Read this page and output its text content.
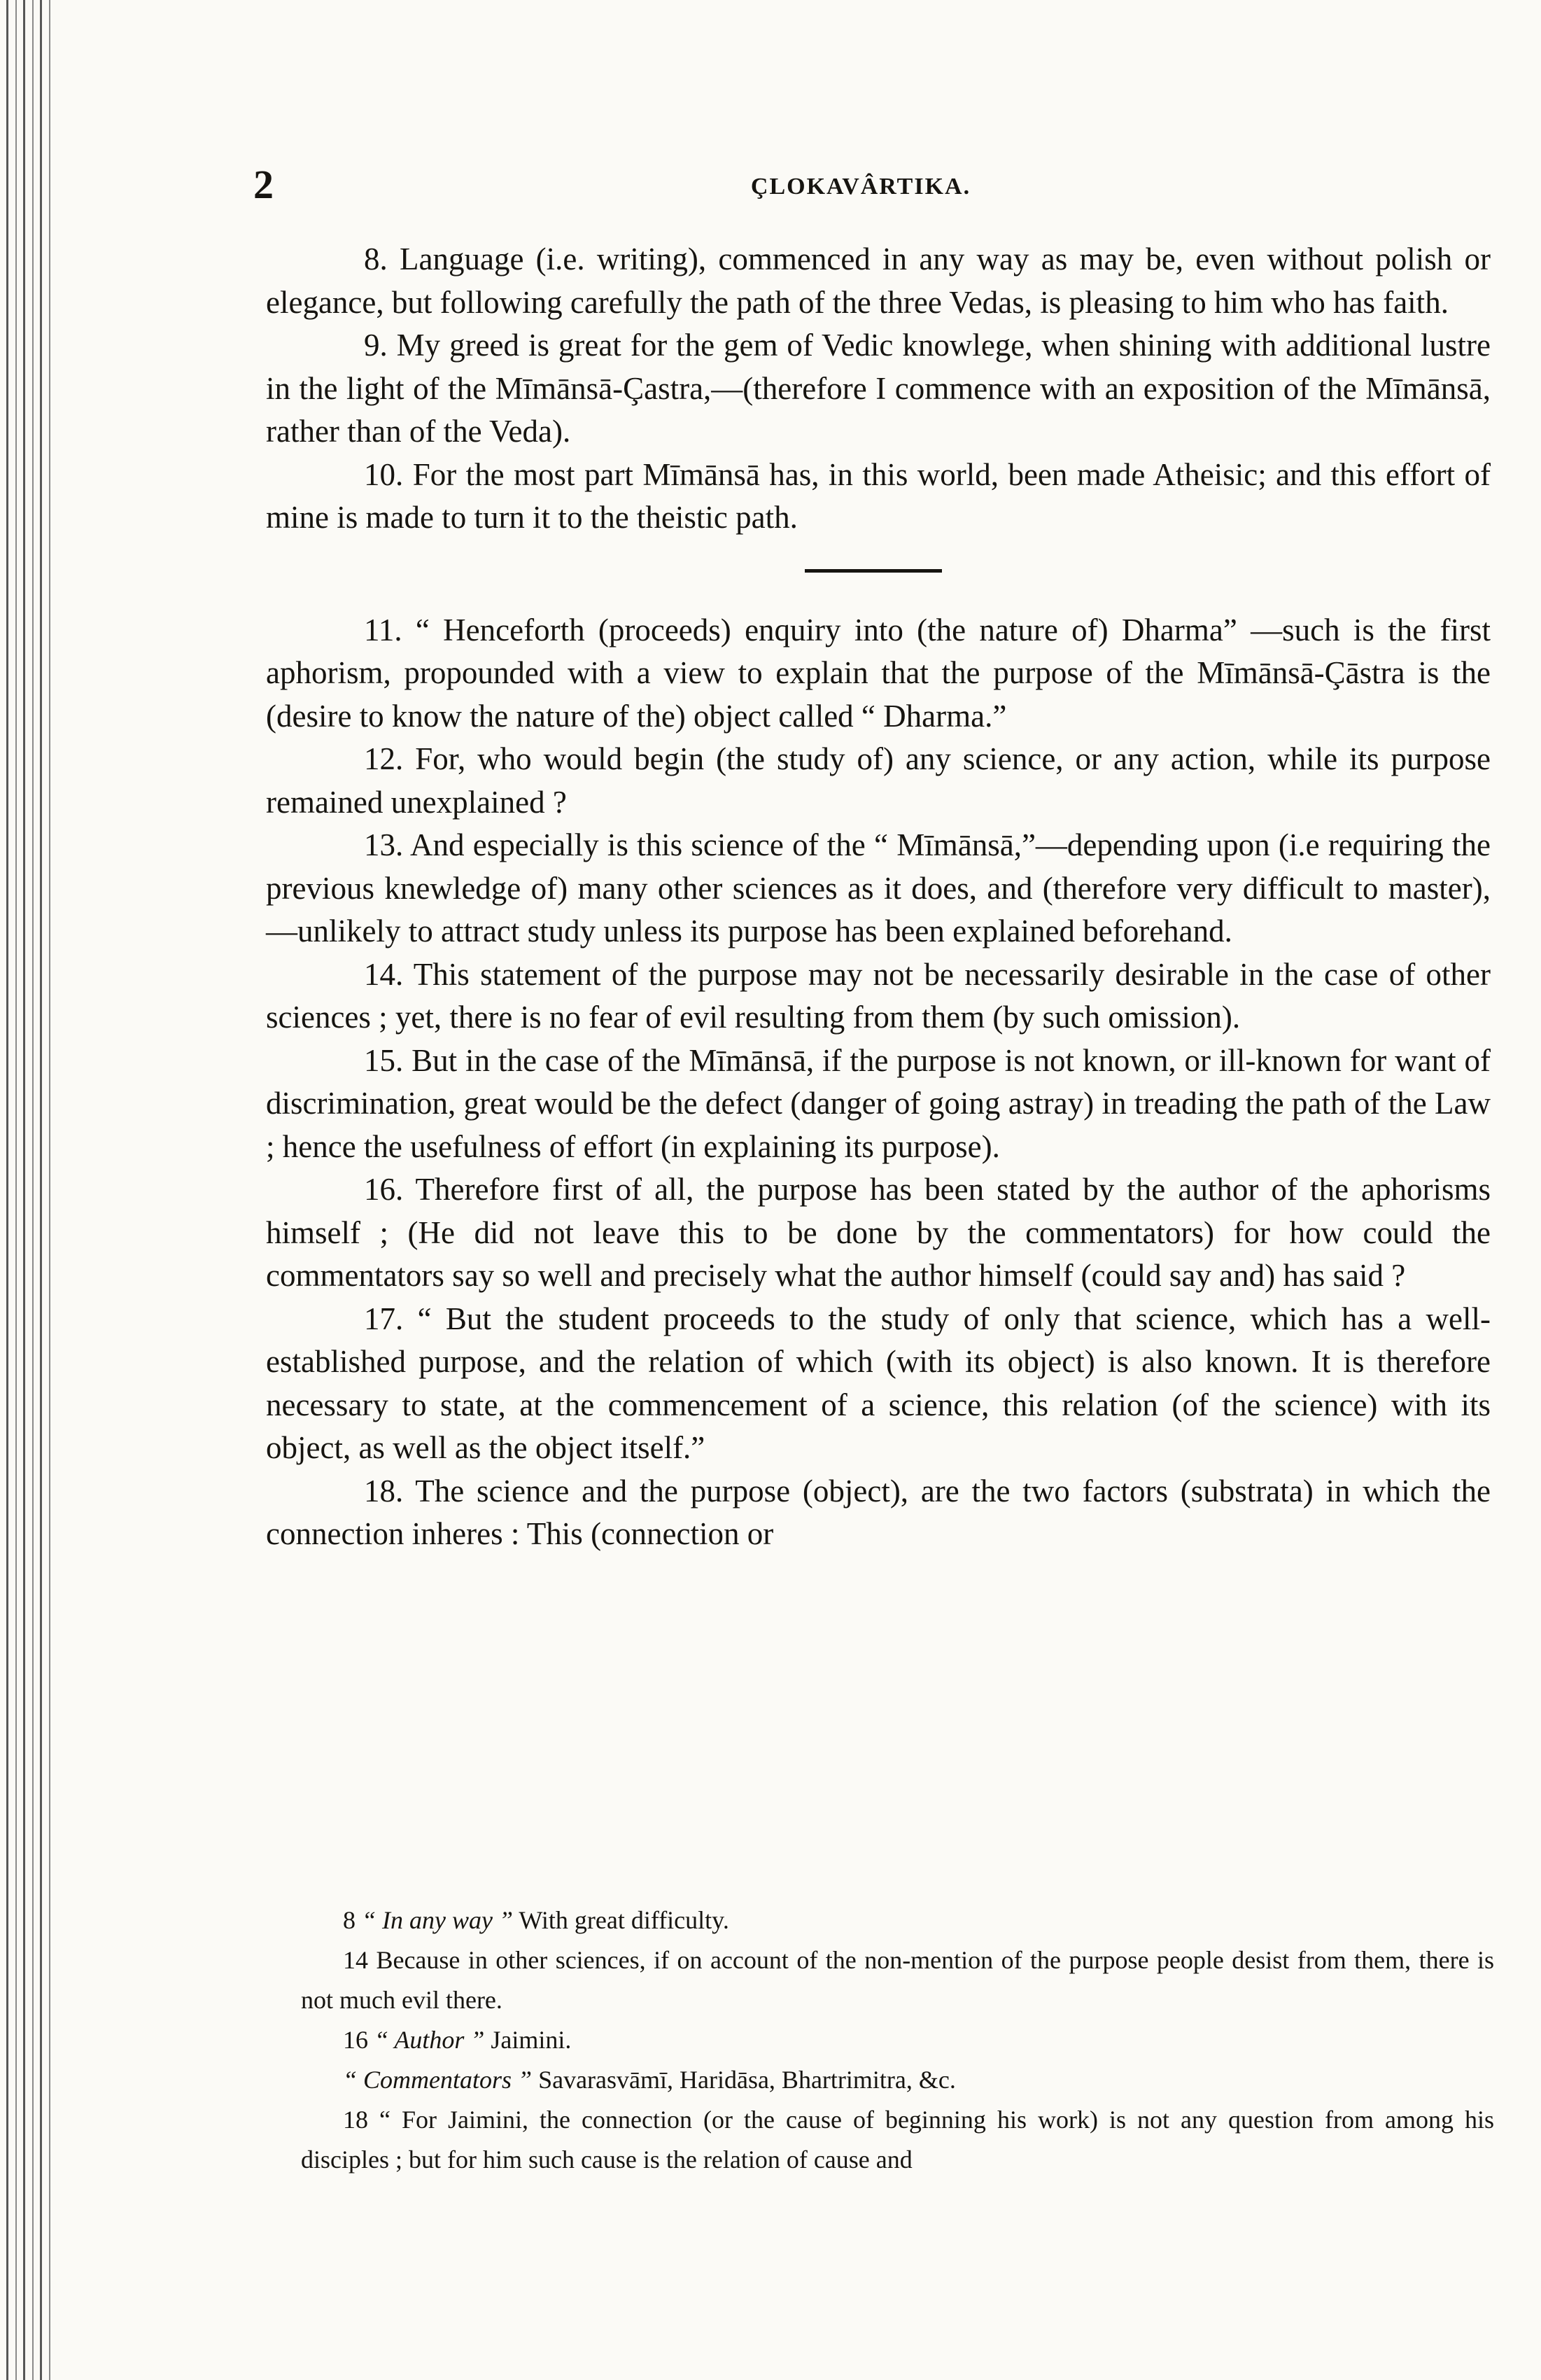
2	ÇLOKAVÂRTIKA.

8. Language (i.e. writing), commenced in any way as may be, even without polish or elegance, but following carefully the path of the three Vedas, is pleasing to him who has faith.

9. My greed is great for the gem of Vedic knowlege, when shining with additional lustre in the light of the Mīmānsā-Çastra,—(therefore I commence with an exposition of the Mīmānsā, rather than of the Veda).

10. For the most part Mīmānsā has, in this world, been made Atheisic; and this effort of mine is made to turn it to the theistic path.

11. “ Henceforth (proceeds) enquiry into (the nature of) Dharma” —such is the first aphorism, propounded with a view to explain that the purpose of the Mīmānsā-Çāstra is the (desire to know the nature of the) object called “ Dharma.”

12. For, who would begin (the study of) any science, or any action, while its purpose remained unexplained ?

13. And especially is this science of the “ Mīmānsā,”—depending upon (i.e requiring the previous knewledge of) many other sciences as it does, and (therefore very difficult to master),—unlikely to attract study unless its purpose has been explained beforehand.

14. This statement of the purpose may not be necessarily desirable in the case of other sciences ; yet, there is no fear of evil resulting from them (by such omission).

15. But in the case of the Mīmānsā, if the purpose is not known, or ill-known for want of discrimination, great would be the defect (danger of going astray) in treading the path of the Law ; hence the usefulness of effort (in explaining its purpose).

16. Therefore first of all, the purpose has been stated by the author of the aphorisms himself ; (He did not leave this to be done by the commentators) for how could the commentators say so well and precisely what the author himself (could say and) has said ?

17. “ But the student proceeds to the study of only that science, which has a well-established purpose, and the relation of which (with its object) is also known. It is therefore necessary to state, at the commencement of a science, this relation (of the science) with its object, as well as the object itself.”

18. The science and the purpose (object), are the two factors (substrata) in which the connection inheres : This (connection or

8 “ In any way ” With great difficulty.

14 Because in other sciences, if on account of the non-mention of the purpose people desist from them, there is not much evil there.

16 “ Author ” Jaimini.

“ Commentators ” Savarasvāmī, Haridāsa, Bhartrimitra, &c.

18 “ For Jaimini, the connection (or the cause of beginning his work) is not any question from among his disciples ; but for him such cause is the relation of cause and
